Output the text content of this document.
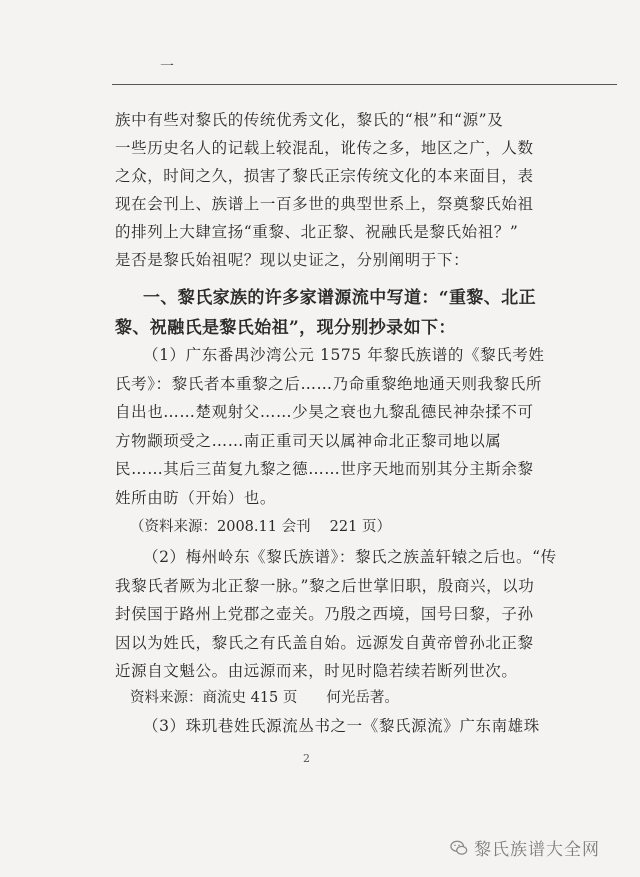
一
族中有些对黎氏的传统优秀文化，黎氏的“根”和“源”及
一些历史名人的记载上较混乱，讹传之多，地区之广，人数
之众，时间之久，损害了黎氏正宗传统文化的本来面目，表
现在会刊上、族谱上一百多世的典型世系上，祭奠黎氏始祖
的排列上大肆宣扬“重黎、北正黎、祝融氏是黎氏始祖？”
是否是黎氏始祖呢？现以史证之，分别阐明于下：
一、黎氏家族的许多家谱源流中写道：“重黎、北正
黎、祝融氏是黎氏始祖”，现分别抄录如下：
（1）广东番禺沙湾公元 1575 年黎氏族谱的《黎氏考姓
氏考》：黎氏者本重黎之后……乃命重黎绝地通天则我黎氏所
自出也……楚观射父……少昊之衰也九黎乱德民神杂揉不可
方物颛顼受之……南正重司天以属神命北正黎司地以属
民……其后三苗复九黎之德……世序天地而别其分主斯余黎
姓所由昉（开始）也。
（资料来源：2008.11 会刊　 221 页）
（2）梅州岭东《黎氏族谱》：黎氏之族盖轩辕之后也。“传
我黎氏者厥为北正黎一脉。”黎之后世掌旧职，殷商兴，以功
封侯国于路州上党郡之壶关。乃殷之西境，国号曰黎，子孙
因以为姓氏，黎氏之有氏盖自始。远源发自黄帝曾孙北正黎
近源自文魁公。由远源而来，时见时隐若续若断列世次。
资料来源：商流史 415 页　　何光岳著。
（3）珠玑巷姓氏源流丛书之一《黎氏源流》广东南雄珠
2
黎氏族谱大全网
